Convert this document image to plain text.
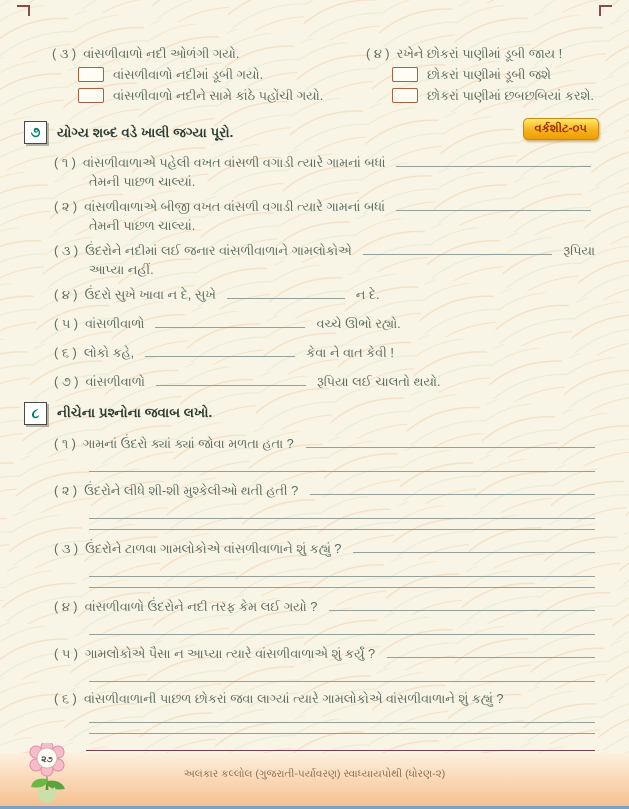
( ૩ ) વાંસળીવાળો નદી ઓળંગી ગયો.
વાંસળીવાળો નદીમાં ડૂબી ગયો.
વાંસળીવાળો નદીને સામે કાંઠે પહોંચી ગયો.
( ૪ ) રખેને છોકરાં પાણીમાં ડૂબી જાય !
છોકરાં પાણીમાં ડૂબી જશે
છોકરાં પાણીમાં છબછબિયાં કરશે.
૭	યોગ્ય શબ્દ વડે ખાલી જગ્યા પૂરો.	વર્કશીટ-૦૫
( ૧ ) વાંસળીવાળાએ પહેલી વખત વાંસળી વગાડી ત્યારે ગામનાં બધાં
તેમની પાછળ ચાલ્યાં.
( ૨ ) વાંસળીવાળાએ બીજી વખત વાંસળી વગાડી ત્યારે ગામનાં બધાં
તેમની પાછળ ચાલ્યાં.
( ૩ ) ઉંદરોને નદીમાં લઈ જનાર વાંસળીવાળાને ગામલોકોએ	રૂપિયા
આપ્યા નહીં.
( ૪ ) ઉંદરો સુખે ખાવા ન દે, સુખે	ન દે.
( ૫ ) વાંસળીવાળો	વચ્ચે ઊભો રહ્યો.
( ૬ ) લોકો કહે,	કેવા ને વાત કેવી !
( ૭ ) વાંસળીવાળો	રૂપિયા લઈ ચાલતો થયો.
૮	નીચેના પ્રશ્નોના જવાબ લખો.
( ૧ ) ગામનાં ઉંદરો ક્યાં ક્યાં જોવા મળતા હતા ?
( ૨ ) ઉંદરોને લીધે શી-શી મુશ્કેલીઓ થતી હતી ?
( ૩ ) ઉંદરોને ટાળવા ગામલોકોએ વાંસળીવાળાને શું કહ્યું ?
( ૪ ) વાંસળીવાળો ઉંદરોને નદી તરફ કેમ લઈ ગયો ?
( ૫ ) ગામલોકોએ પૈસા ન આપ્યા ત્યારે વાંસળીવાળાએ શું કર્યું ?
( ૬ ) વાંસળીવાળાની પાછળ છોકરાં જવા લાગ્યાં ત્યારે ગામલોકોએ વાંસળીવાળાને શું કહ્યું ?
અલંકાર કલ્લોલ (ગુજરાતી-પર્યાવરણ) સ્વાધ્યાયપોથી (ધોરણ-૨)
૨૭
